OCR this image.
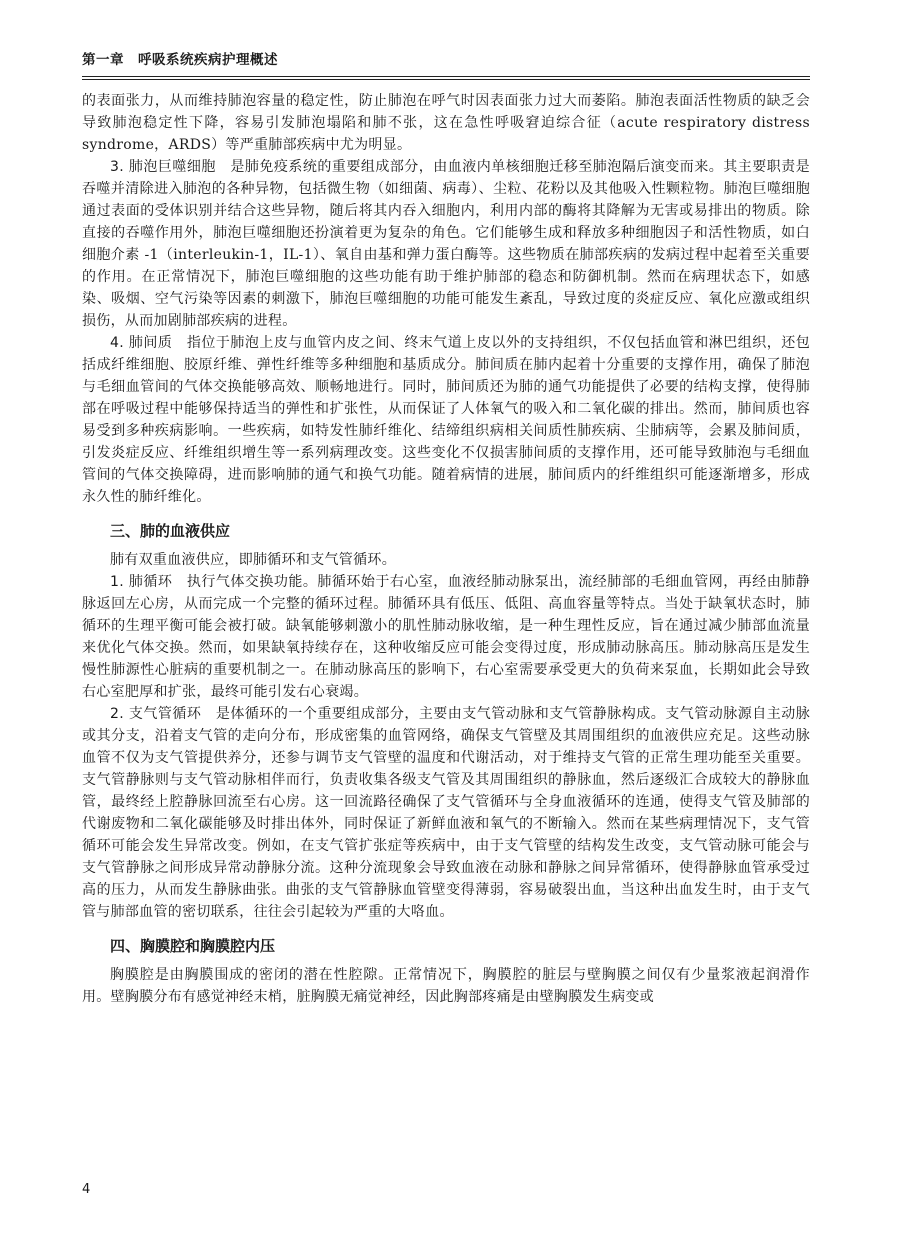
第一章　呼吸系统疾病护理概述

的表面张力，从而维持肺泡容量的稳定性，防止肺泡在呼气时因表面张力过大而萎陷。肺泡表面活性物质的缺乏会导致肺泡稳定性下降，容易引发肺泡塌陷和肺不张，这在急性呼吸窘迫综合征（acute respiratory distress syndrome，ARDS）等严重肺部疾病中尤为明显。

3. 肺泡巨噬细胞　是肺免疫系统的重要组成部分，由血液内单核细胞迁移至肺泡隔后演变而来。其主要职责是吞噬并清除进入肺泡的各种异物，包括微生物（如细菌、病毒）、尘粒、花粉以及其他吸入性颗粒物。肺泡巨噬细胞通过表面的受体识别并结合这些异物，随后将其内吞入细胞内，利用内部的酶将其降解为无害或易排出的物质。除直接的吞噬作用外，肺泡巨噬细胞还扮演着更为复杂的角色。它们能够生成和释放多种细胞因子和活性物质，如白细胞介素 -1（interleukin-1，IL-1）、氧自由基和弹力蛋白酶等。这些物质在肺部疾病的发病过程中起着至关重要的作用。在正常情况下，肺泡巨噬细胞的这些功能有助于维护肺部的稳态和防御机制。然而在病理状态下，如感染、吸烟、空气污染等因素的刺激下，肺泡巨噬细胞的功能可能发生紊乱，导致过度的炎症反应、氧化应激或组织损伤，从而加剧肺部疾病的进程。

4. 肺间质　指位于肺泡上皮与血管内皮之间、终末气道上皮以外的支持组织，不仅包括血管和淋巴组织，还包括成纤维细胞、胶原纤维、弹性纤维等多种细胞和基质成分。肺间质在肺内起着十分重要的支撑作用，确保了肺泡与毛细血管间的气体交换能够高效、顺畅地进行。同时，肺间质还为肺的通气功能提供了必要的结构支撑，使得肺部在呼吸过程中能够保持适当的弹性和扩张性，从而保证了人体氧气的吸入和二氧化碳的排出。然而，肺间质也容易受到多种疾病影响。一些疾病，如特发性肺纤维化、结缔组织病相关间质性肺疾病、尘肺病等，会累及肺间质，引发炎症反应、纤维组织增生等一系列病理改变。这些变化不仅损害肺间质的支撑作用，还可能导致肺泡与毛细血管间的气体交换障碍，进而影响肺的通气和换气功能。随着病情的进展，肺间质内的纤维组织可能逐渐增多，形成永久性的肺纤维化。

三、肺的血液供应

肺有双重血液供应，即肺循环和支气管循环。

1. 肺循环　执行气体交换功能。肺循环始于右心室，血液经肺动脉泵出，流经肺部的毛细血管网，再经由肺静脉返回左心房，从而完成一个完整的循环过程。肺循环具有低压、低阻、高血容量等特点。当处于缺氧状态时，肺循环的生理平衡可能会被打破。缺氧能够刺激小的肌性肺动脉收缩，是一种生理性反应，旨在通过减少肺部血流量来优化气体交换。然而，如果缺氧持续存在，这种收缩反应可能会变得过度，形成肺动脉高压。肺动脉高压是发生慢性肺源性心脏病的重要机制之一。在肺动脉高压的影响下，右心室需要承受更大的负荷来泵血，长期如此会导致右心室肥厚和扩张，最终可能引发右心衰竭。

2. 支气管循环　是体循环的一个重要组成部分，主要由支气管动脉和支气管静脉构成。支气管动脉源自主动脉或其分支，沿着支气管的走向分布，形成密集的血管网络，确保支气管壁及其周围组织的血液供应充足。这些动脉血管不仅为支气管提供养分，还参与调节支气管壁的温度和代谢活动，对于维持支气管的正常生理功能至关重要。支气管静脉则与支气管动脉相伴而行，负责收集各级支气管及其周围组织的静脉血，然后逐级汇合成较大的静脉血管，最终经上腔静脉回流至右心房。这一回流路径确保了支气管循环与全身血液循环的连通，使得支气管及肺部的代谢废物和二氧化碳能够及时排出体外，同时保证了新鲜血液和氧气的不断输入。然而在某些病理情况下，支气管循环可能会发生异常改变。例如，在支气管扩张症等疾病中，由于支气管壁的结构发生改变，支气管动脉可能会与支气管静脉之间形成异常动静脉分流。这种分流现象会导致血液在动脉和静脉之间异常循环，使得静脉血管承受过高的压力，从而发生静脉曲张。曲张的支气管静脉血管壁变得薄弱，容易破裂出血，当这种出血发生时，由于支气管与肺部血管的密切联系，往往会引起较为严重的大咯血。

四、胸膜腔和胸膜腔内压

胸膜腔是由胸膜围成的密闭的潜在性腔隙。正常情况下，胸膜腔的脏层与壁胸膜之间仅有少量浆液起润滑作用。壁胸膜分布有感觉神经末梢，脏胸膜无痛觉神经，因此胸部疼痛是由壁胸膜发生病变或

4
